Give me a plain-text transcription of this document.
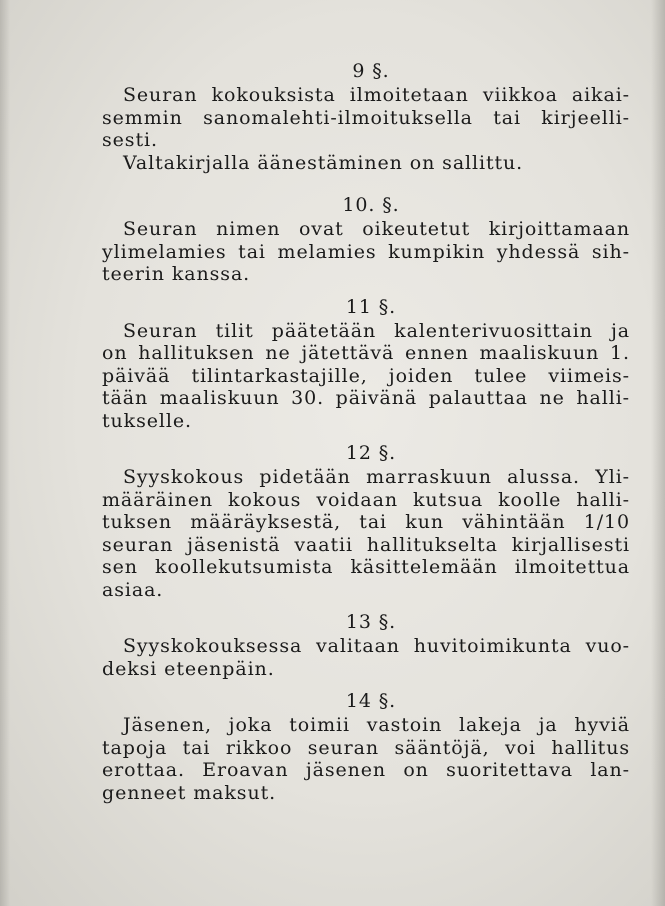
9 §.
Seuran kokouksista ilmoitetaan viikkoa aikai-
semmin sanomalehti-ilmoituksella tai kirjeelli-
sesti.
Valtakirjalla äänestäminen on sallittu.
10. §.
Seuran nimen ovat oikeutetut kirjoittamaan
ylimelamies tai melamies kumpikin yhdessä sih-
teerin kanssa.
11 §.
Seuran tilit päätetään kalenterivuosittain ja
on hallituksen ne jätettävä ennen maaliskuun 1.
päivää tilintarkastajille, joiden tulee viimeis-
tään maaliskuun 30. päivänä palauttaa ne halli-
tukselle.
12 §.
Syyskokous pidetään marraskuun alussa. Yli-
määräinen kokous voidaan kutsua koolle halli-
tuksen määräyksestä, tai kun vähintään 1/10
seuran jäsenistä vaatii hallitukselta kirjallisesti
sen koollekutsumista käsittelemään ilmoitettua
asiaa.
13 §.
Syyskokouksessa valitaan huvitoimikunta vuo-
deksi eteenpäin.
14 §.
Jäsenen, joka toimii vastoin lakeja ja hyviä
tapoja tai rikkoo seuran sääntöjä, voi hallitus
erottaa. Eroavan jäsenen on suoritettava lan-
genneet maksut.
